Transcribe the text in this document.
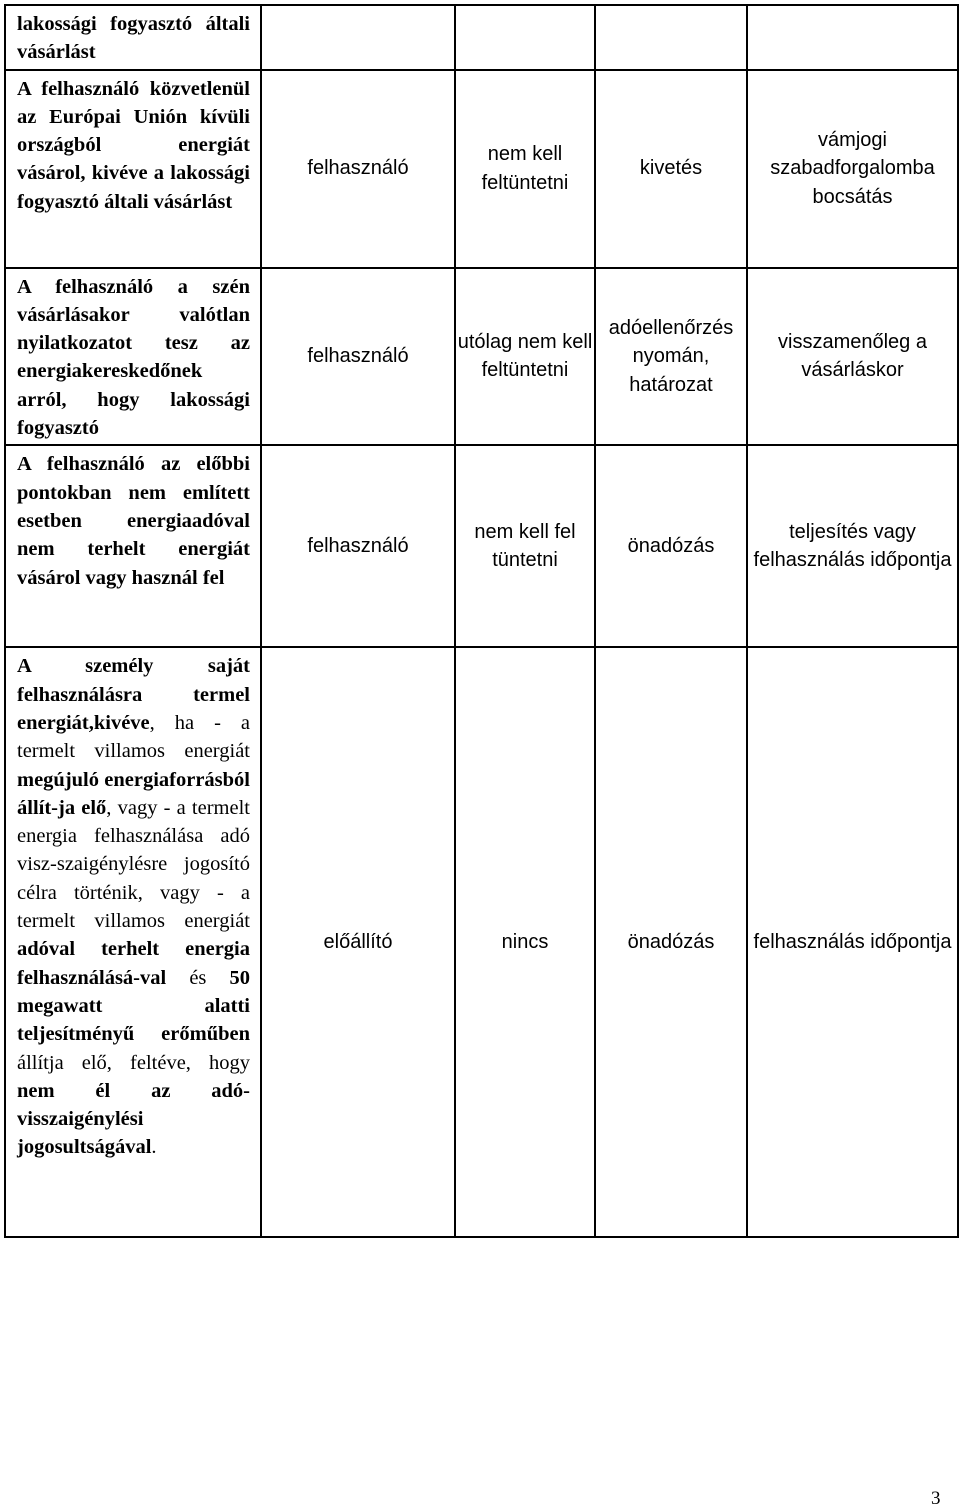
lakossági fogyasztó általi vásárlást				
A felhasználó közvetlenül az Európai Unión kívüli országból energiát vásárol, kivéve a lakossági fogyasztó általi vásárlást	felhasználó	nem kell feltüntetni	kivetés	vámjogi szabadforgalomba bocsátás
A felhasználó a szén vásárlásakor valótlan nyilatkozatot tesz az energiakereskedőnek arról, hogy lakossági fogyasztó	felhasználó	utólag nem kell feltüntetni	adóellenőrzés nyomán, határozat	visszamenőleg a vásárláskor
A felhasználó az előbbi pontokban nem említett esetben energiaadóval nem terhelt energiát vásárol vagy használ fel	felhasználó	nem kell fel tüntetni	önadózás	teljesítés vagy felhasználás időpontja
A személy saját felhasználásra termel energiát,kivéve, ha - a termelt villamos energiát megújuló energiaforrásból állít-ja elő, vagy - a termelt energia felhasználása adó visz-szaigénylésre jogosító célra történik, vagy - a termelt villamos energiát adóval terhelt energia felhasználásá-val és 50 megawatt alatti teljesítményű erőműben állítja elő, feltéve, hogy nem él az adó-visszaigénylési jogosultságával.	előállító	nincs	önadózás	felhasználás időpontja
3
